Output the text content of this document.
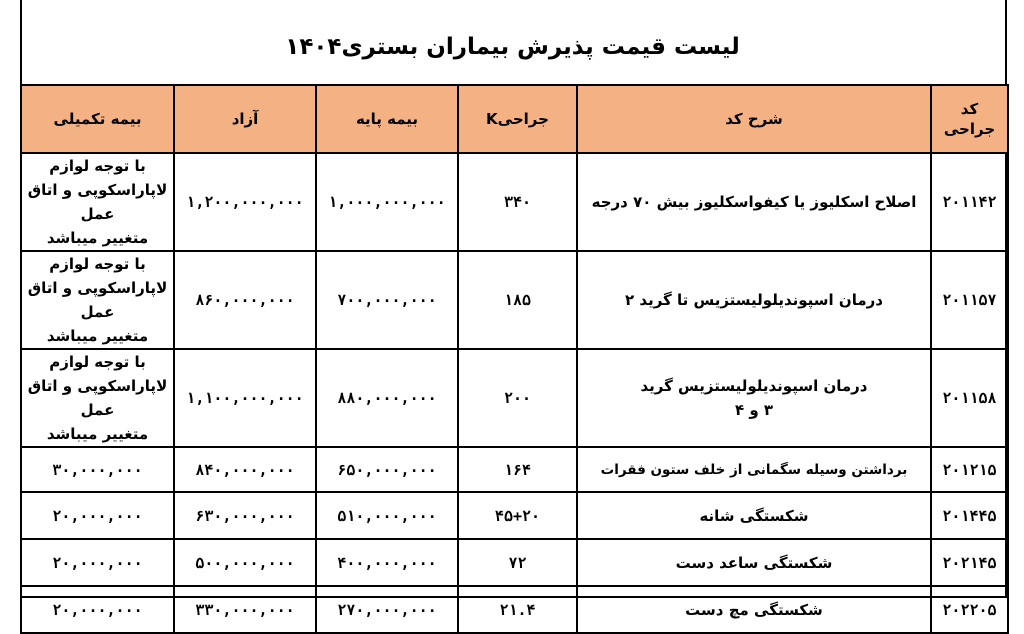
لیست قیمت پذیرش بیماران بستری۱۴۰۴
کد
جراحی	شرح کد	جراحیK	بیمه پایه	آزاد	بیمه تکمیلی
۲۰۱۱۴۲	اصلاح اسکلیوز یا کیفواسکلیوز بیش ۷۰ درجه	۳۴۰	۱,۰۰۰,۰۰۰,۰۰۰	۱,۲۰۰,۰۰۰,۰۰۰	با توجه لوازم
لاپاراسکوپی و اتاق عمل
متغییر میباشد

۲۰۱۱۵۷	درمان اسپوندیلولیستزیس تا گرید ۲	۱۸۵	۷۰۰,۰۰۰,۰۰۰	۸۶۰,۰۰۰,۰۰۰	با توجه لوازم
لاپاراسکوپی و اتاق عمل
متغییر میباشد

۲۰۱۱۵۸	درمان اسپوندیلولیستزیس گرید
۳ و ۴	۲۰۰	۸۸۰,۰۰۰,۰۰۰	۱,۱۰۰,۰۰۰,۰۰۰	با توجه لوازم
لاپاراسکوپی و اتاق عمل
متغییر میباشد

۲۰۱۲۱۵	برداشتن وسیله سگمانی از خلف ستون فقرات	۱۶۴	۶۵۰,۰۰۰,۰۰۰	۸۴۰,۰۰۰,۰۰۰	۳۰,۰۰۰,۰۰۰
۲۰۱۴۴۵	شکستگی شانه	۴۵+۲۰	۵۱۰,۰۰۰,۰۰۰	۶۳۰,۰۰۰,۰۰۰	۲۰,۰۰۰,۰۰۰
۲۰۲۱۴۵	شکستگی ساعد دست	۷۲	۴۰۰,۰۰۰,۰۰۰	۵۰۰,۰۰۰,۰۰۰	۲۰,۰۰۰,۰۰۰
۲۰۲۲۰۵	شکستگی مچ دست	۲۱.۴	۲۷۰,۰۰۰,۰۰۰	۳۳۰,۰۰۰,۰۰۰	۲۰,۰۰۰,۰۰۰
